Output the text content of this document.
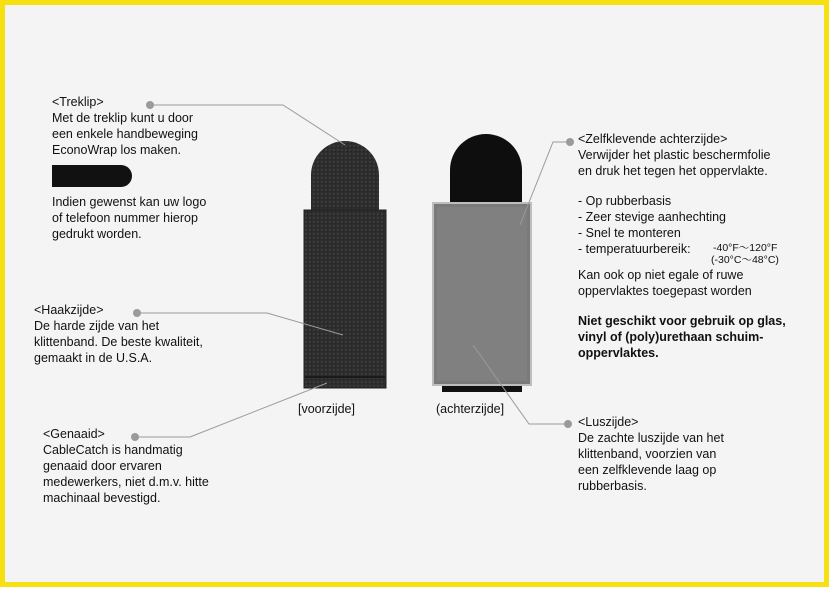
<Treklip>
Met de treklip kunt u door
een enkele handbeweging
EconoWrap los maken.
Indien gewenst kan uw logo
of telefoon nummer hierop
gedrukt worden.
<Haakzijde>
De harde zijde van het
klittenband. De beste kwaliteit,
gemaakt in de U.S.A.
<Genaaid>
CableCatch is handmatig
genaaid door ervaren
medewerkers, niet d.m.v. hitte
machinaal bevestigd.
[voorzijde]	(achterzijde]
<Zelfklevende achterzijde>
Verwijder het plastic beschermfolie
en druk het tegen het oppervlakte.
- Op rubberbasis
- Zeer stevige aanhechting
- Snel te monteren
- temperatuurbereik: -40°F～120°F
(-30°C～48°C)
Kan ook op niet egale of ruwe
oppervlaktes toegepast worden
Niet geschikt voor gebruik op glas,
vinyl of (poly)urethaan schuim-
oppervlaktes.
<Luszijde>
De zachte luszijde van het
klittenband, voorzien van
een zelfklevende laag op
rubberbasis.
